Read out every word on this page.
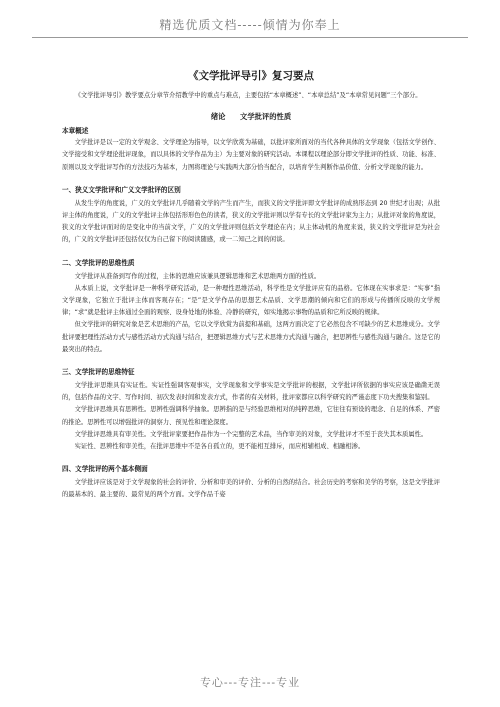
精选优质文档-----倾情为你奉上
《文学批评导引》复习要点

《文学批评导引》教学要点分章节介绍教学中的重点与难点，主要包括“本章概述”、“本章总结”及“本章常见问题”三个部分。

绪论　　文学批评的性质
本章概述

文学批评是以一定的文学观念、文学理论为指导，以文学欣赏为基础，以批评家所面对的当代各种具体的文学现象（包括文学创作、文学接受和文学理论批评现象，而以具体的文学作品为主）为主要对象的研究活动。本课程以理论部分即文学批评的性质、功能、标准、原则以及文学批评写作的方法技巧为基本，力图将理论与实践两大部分恰当配合，以培育学生判断作品价值、分析文学现象的能力。

一、狭义文学批评和广义文学批评的区别

从发生学的角度说，广义的文学批评几乎随着文学的产生而产生，而狭义的文学批评即文学批评的成熟形态到 20 世纪才出现；从批评主体的角度说，广义的文学批评主体包括形形色色的读者，狭义的文学批评则以学有专长的文学批评家为主力；从批评对象的角度说，狭义的文学批评面对的是变化中的当前文学，广义的文学批评则包括文学理论在内；从主体动机的角度来说，狭义的文学批评是为社会的，广义的文学批评还包括仅仅为自己留下的阅读随感，或一二知己之间的闲谈。

二、文学批评的思维性质

文学批评从准备到写作的过程，主体的思维应该兼具逻辑思维和艺术思维两方面的性质。

从本质上说，文学批评是一种科学研究活动，是一种理性思维活动，科学性是文学批评应有的品格。它体现在实事求是：“实事”指文学现象，它独立于批评主体而客观存在；“是”是文学作品的思想艺术品质、文学思潮的倾向和它们的形成与传播所反映的文学规律；“求”就是批评主体通过全面的观察、设身处地的体验、冷静的研究，如实地揭示事物的品质和它所反映的规律。

但文学批评的研究对象是艺术思维的产品，它以文学欣赏为前提和基础，这两方面决定了它必然包含不可缺少的艺术思维成分。文学批评要把理性活动方式与感性活动方式沟通与结合，把逻辑思维方式与艺术思维方式沟通与融合，把思辨性与感性沟通与融合。这是它的最突出的特点。

三、文学批评的思维特征

文学批评思维具有实证性。实证性强调客观事实，文学现象和文学事实是文学批评的根据，文学批评所依据的事实应该是确凿无误的，包括作品的文字、写作时间、初次发表时间和发表方式，作者的有关材料，批评家都应以科学研究的严谨态度下功夫搜集和鉴别。

文学批评思维具有思辨性。思辨性强调科学抽象。思辨指的是与经验思维相对的纯粹思维，它往往有预设的理念、自足的体系、严密的推论。思辨性可以增强批评的洞察力、预见性和理论深度。

文学批评思维具有审美性。文学批评家要把作品作为一个完整的艺术品，当作审美的对象，文学批评才不至于丧失其本质属性。

实证性、思辨性和审美性，在批评思维中不是各自孤立的，更不能相互排斥，而应相辅相成、相融相渗。

四、文学批评的两个基本侧面

文学批评应该是对于文学现象的社会的评价、分析和审美的评价、分析的自然的结合。社会历史的考察和美学的考察，这是文学批评的最基本的、最主要的、最常见的两个方面。文学作品千姿

专心---专注---专业
